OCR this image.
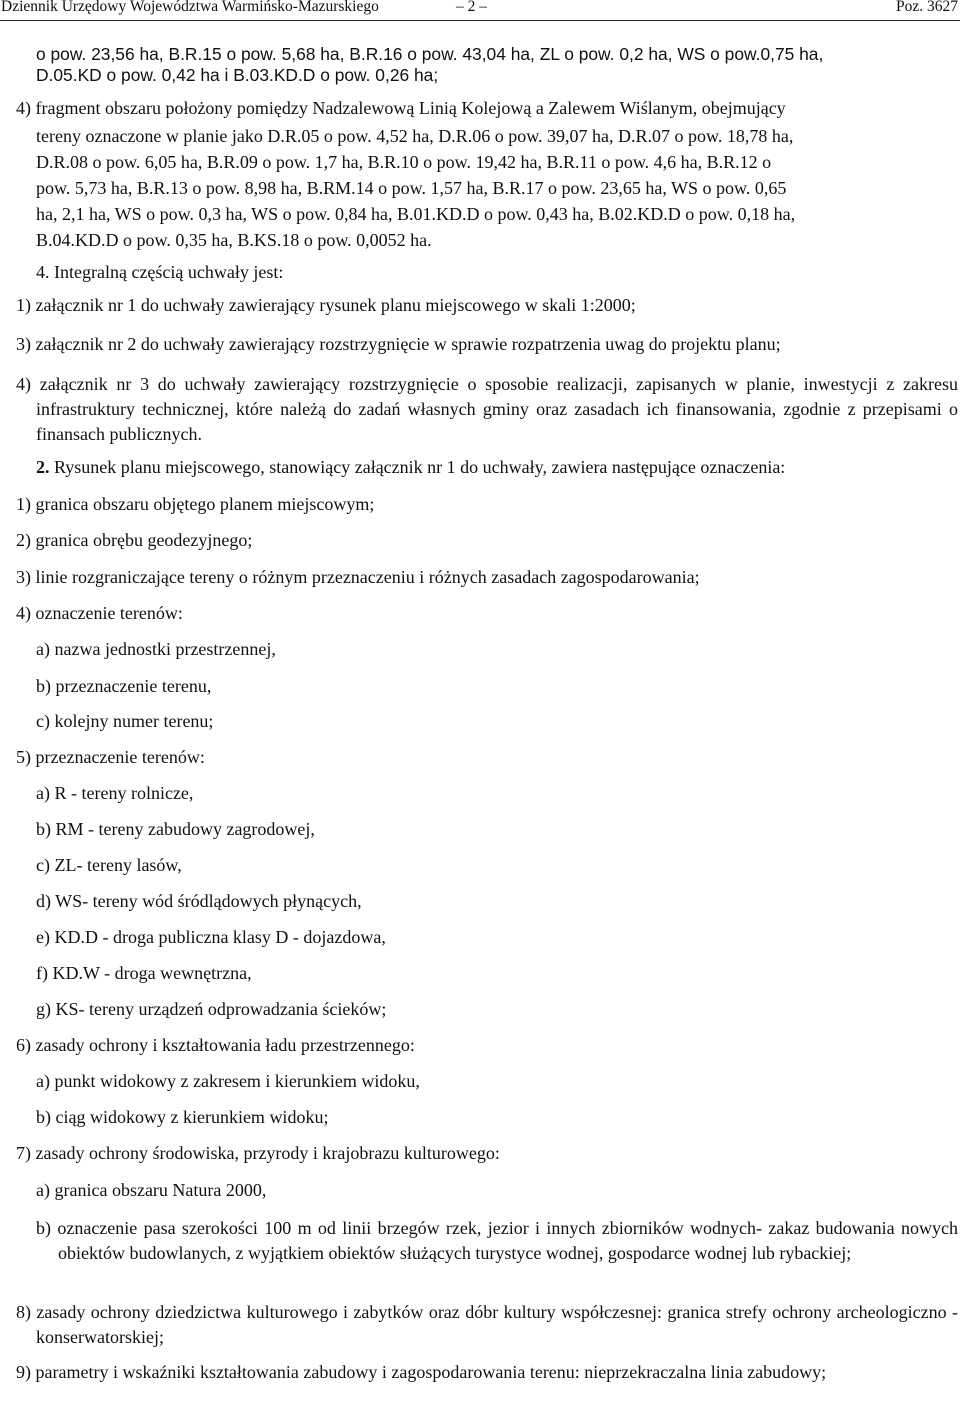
Dziennik Urzędowy Województwa Warmińsko-Mazurskiego	– 2 –	Poz. 3627
o pow. 23,56 ha, B.R.15 o pow. 5,68 ha, B.R.16 o pow. 43,04 ha, ZL o pow. 0,2 ha, WS o pow.0,75 ha,
D.05.KD o pow. 0,42 ha i B.03.KD.D o pow. 0,26 ha;
4) fragment obszaru położony pomiędzy Nadzalewową Linią Kolejową a Zalewem Wiślanym, obejmujący
tereny oznaczone w planie jako D.R.05 o pow. 4,52 ha, D.R.06 o pow. 39,07 ha, D.R.07 o pow. 18,78 ha,
D.R.08 o pow. 6,05 ha, B.R.09 o pow. 1,7 ha, B.R.10 o pow. 19,42 ha, B.R.11 o pow. 4,6 ha, B.R.12 o
pow. 5,73 ha, B.R.13 o pow. 8,98 ha, B.RM.14 o pow. 1,57 ha, B.R.17 o pow. 23,65 ha, WS o pow. 0,65
ha, 2,1 ha, WS o pow. 0,3 ha, WS o pow. 0,84 ha, B.01.KD.D o pow. 0,43 ha, B.02.KD.D o pow. 0,18 ha,
B.04.KD.D o pow. 0,35 ha, B.KS.18 o pow. 0,0052 ha.
4. Integralną częścią uchwały jest:
1) załącznik nr 1 do uchwały zawierający rysunek planu miejscowego w skali 1:2000;
3) załącznik nr 2 do uchwały zawierający rozstrzygnięcie w sprawie rozpatrzenia uwag do projektu planu;
4) załącznik nr 3 do uchwały zawierający rozstrzygnięcie o sposobie realizacji, zapisanych w planie, inwestycji z zakresu infrastruktury technicznej, które należą do zadań własnych gminy oraz zasadach ich finansowania, zgodnie z przepisami o finansach publicznych.
2. Rysunek planu miejscowego, stanowiący załącznik nr 1 do uchwały, zawiera następujące oznaczenia:
1) granica obszaru objętego planem miejscowym;
2) granica obrębu geodezyjnego;
3) linie rozgraniczające tereny o różnym przeznaczeniu i różnych zasadach zagospodarowania;
4) oznaczenie terenów:
a) nazwa jednostki przestrzennej,
b) przeznaczenie terenu,
c) kolejny numer terenu;
5) przeznaczenie terenów:
a) R - tereny rolnicze,
b) RM - tereny zabudowy zagrodowej,
c) ZL- tereny lasów,
d) WS- tereny wód śródlądowych płynących,
e) KD.D - droga publiczna klasy D - dojazdowa,
f) KD.W - droga wewnętrzna,
g) KS- tereny urządzeń odprowadzania ścieków;
6) zasady ochrony i kształtowania ładu przestrzennego:
a) punkt widokowy z zakresem i kierunkiem widoku,
b) ciąg widokowy z kierunkiem widoku;
7) zasady ochrony środowiska, przyrody i krajobrazu kulturowego:
a) granica obszaru Natura 2000,
b) oznaczenie pasa szerokości 100 m od linii brzegów rzek, jezior i innych zbiorników wodnych- zakaz budowania nowych obiektów budowlanych, z wyjątkiem obiektów służących turystyce wodnej, gospodarce wodnej lub rybackiej;
8) zasady ochrony dziedzictwa kulturowego i zabytków oraz dóbr kultury współczesnej: granica strefy ochrony archeologiczno - konserwatorskiej;
9) parametry i wskaźniki kształtowania zabudowy i zagospodarowania terenu: nieprzekraczalna linia zabudowy;
